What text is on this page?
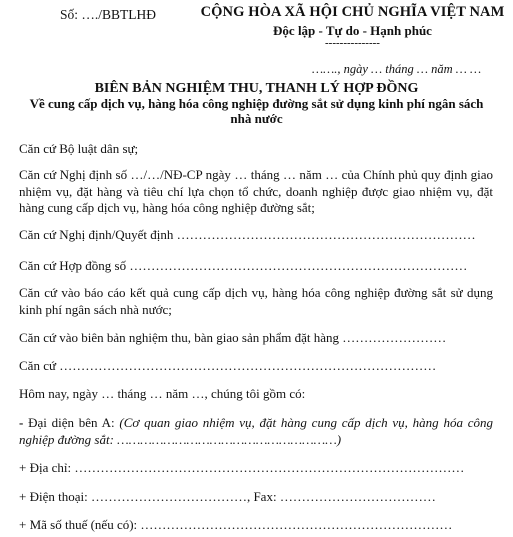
Số: …./BBTLHĐ	CỘNG HÒA XÃ HỘI CHỦ NGHĨA VIỆT NAM
Độc lập - Tự do - Hạnh phúc
---------------
……., ngày … tháng … năm … …
BIÊN BẢN NGHIỆM THU, THANH LÝ HỢP ĐỒNG
Về cung cấp dịch vụ, hàng hóa công nghiệp đường sắt sử dụng kinh phí ngân sách nhà nước
Căn cứ Bộ luật dân sự;
Căn cứ Nghị định số …/…/NĐ-CP ngày … tháng … năm … của Chính phủ quy định giao nhiệm vụ, đặt hàng và tiêu chí lựa chọn tổ chức, doanh nghiệp được giao nhiệm vụ, đặt hàng cung cấp dịch vụ, hàng hóa công nghiệp đường sắt;
Căn cứ Nghị định/Quyết định ……………………………………………………………
Căn cứ Hợp đồng số ……………………………………………………………………
Căn cứ vào báo cáo kết quả cung cấp dịch vụ, hàng hóa công nghiệp đường sắt sử dụng kinh phí ngân sách nhà nước;
Căn cứ vào biên bản nghiệm thu, bàn giao sản phẩm đặt hàng ……………………
Căn cứ ……………………………………………………………………………
Hôm nay, ngày … tháng … năm …, chúng tôi gồm có:
- Đại diện bên A: (Cơ quan giao nhiệm vụ, đặt hàng cung cấp dịch vụ, hàng hóa công nghiệp đường sắt: …………………………………………………)
+ Địa chỉ: ………………………………………………………………………………
+ Điện thoại: ………………………………, Fax: ………………………………
+ Mã số thuế (nếu có): ………………………………………………………………
